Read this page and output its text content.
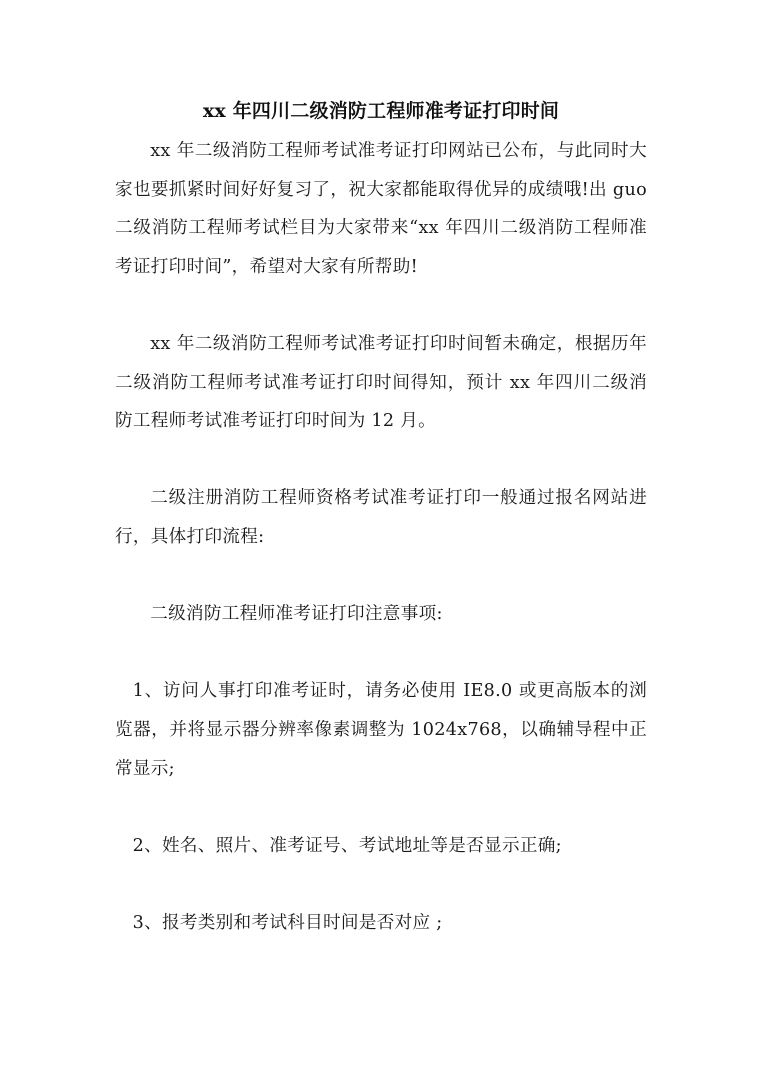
xx 年四川二级消防工程师准考证打印时间

xx 年二级消防工程师考试准考证打印网站已公布，与此同时大家也要抓紧时间好好复习了，祝大家都能取得优异的成绩哦!出 guo 二级消防工程师考试栏目为大家带来“xx 年四川二级消防工程师准考证打印时间”，希望对大家有所帮助!

xx 年二级消防工程师考试准考证打印时间暂未确定，根据历年二级消防工程师考试准考证打印时间得知，预计 xx 年四川二级消防工程师考试准考证打印时间为 12 月。

二级注册消防工程师资格考试准考证打印一般通过报名网站进行，具体打印流程:

二级消防工程师准考证打印注意事项:

1、访问人事打印准考证时，请务必使用 IE8.0 或更高版本的浏览器，并将显示器分辨率像素调整为 1024x768，以确辅导程中正常显示;

2、姓名、照片、准考证号、考试地址等是否显示正确;

3、报考类别和考试科目时间是否对应 ;
